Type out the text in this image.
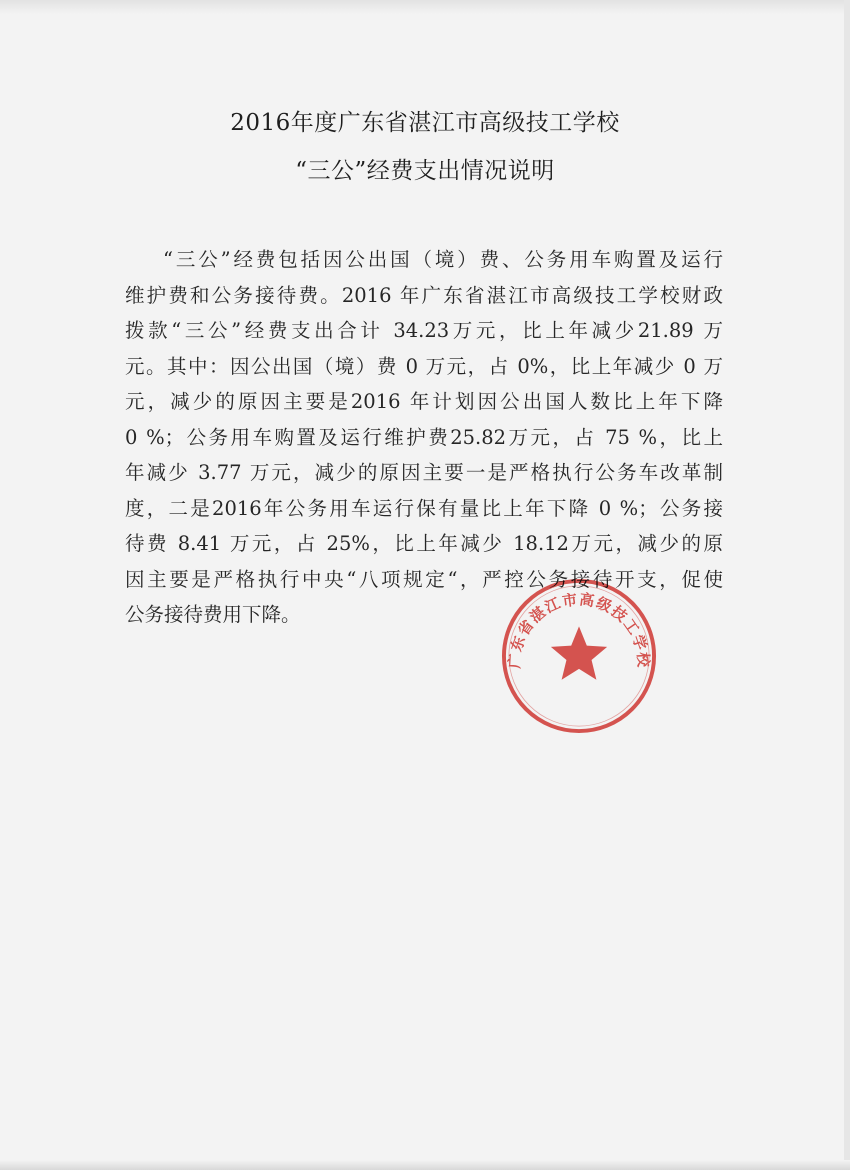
2016年度广东省湛江市高级技工学校
“三公”经费支出情况说明
“三公”经费包括因公出国（境）费、公务用车购置及运行
维护费和公务接待费。2016 年广东省湛江市高级技工学校财政
拨款“三公”经费支出合计 34.23万元，比上年减少21.89 万
元。其中：因公出国（境）费 0 万元，占 0%，比上年减少 0 万
元，减少的原因主要是2016 年计划因公出国人数比上年下降
0 %；公务用车购置及运行维护费25.82万元，占 75 %，比上
年减少 3.77 万元，减少的原因主要一是严格执行公务车改革制
度，二是2016年公务用车运行保有量比上年下降 0 %；公务接
待费 8.41 万元，占 25%，比上年减少 18.12万元，减少的原
因主要是严格执行中央“八项规定“，严控公务接待开支，促使
公务接待费用下降。
广东省湛江市高级技工学校
